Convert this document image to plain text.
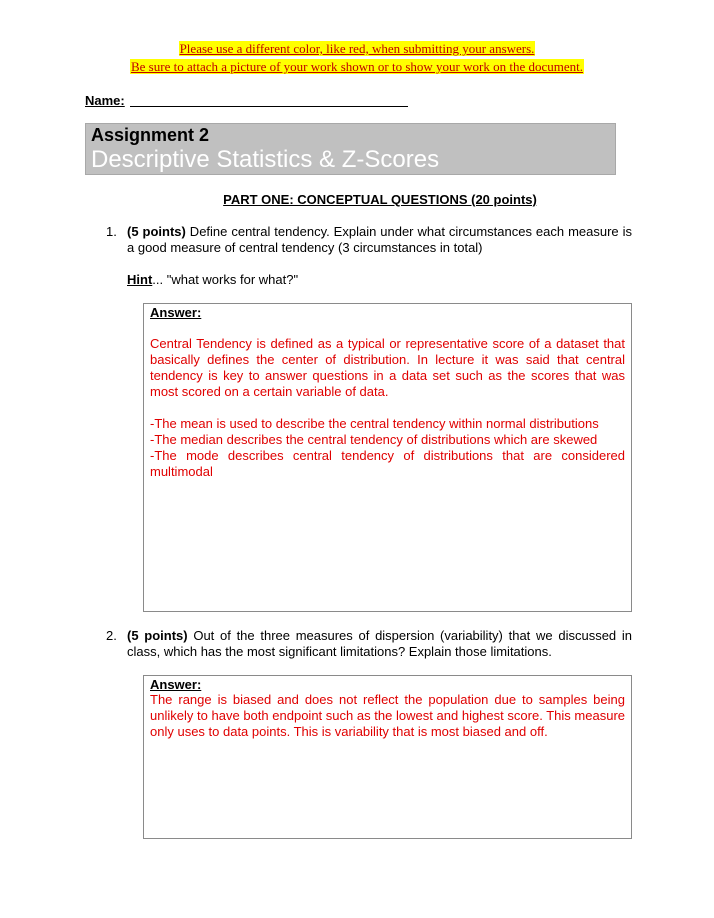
Please use a different color, like red, when submitting your answers.
Be sure to attach a picture of your work shown or to show your work on the document.
Name:
Assignment 2
Descriptive Statistics & Z-Scores
PART ONE: CONCEPTUAL QUESTIONS (20 points)
1. (5 points) Define central tendency. Explain under what circumstances each measure is a good measure of central tendency (3 circumstances in total)
Hint... "what works for what?"
Answer:

Central Tendency is defined as a typical or representative score of a dataset that basically defines the center of distribution. In lecture it was said that central tendency is key to answer questions in a data set such as the scores that was most scored on a certain variable of data.

-The mean is used to describe the central tendency within normal distributions

-The median describes the central tendency of distributions which are skewed

-The mode describes central tendency of distributions that are considered multimodal

2. (5 points) Out of the three measures of dispersion (variability) that we discussed in class, which has the most significant limitations? Explain those limitations.
Answer:

The range is biased and does not reflect the population due to samples being unlikely to have both endpoint such as the lowest and highest score. This measure only uses to data points. This is variability that is most biased and off.
